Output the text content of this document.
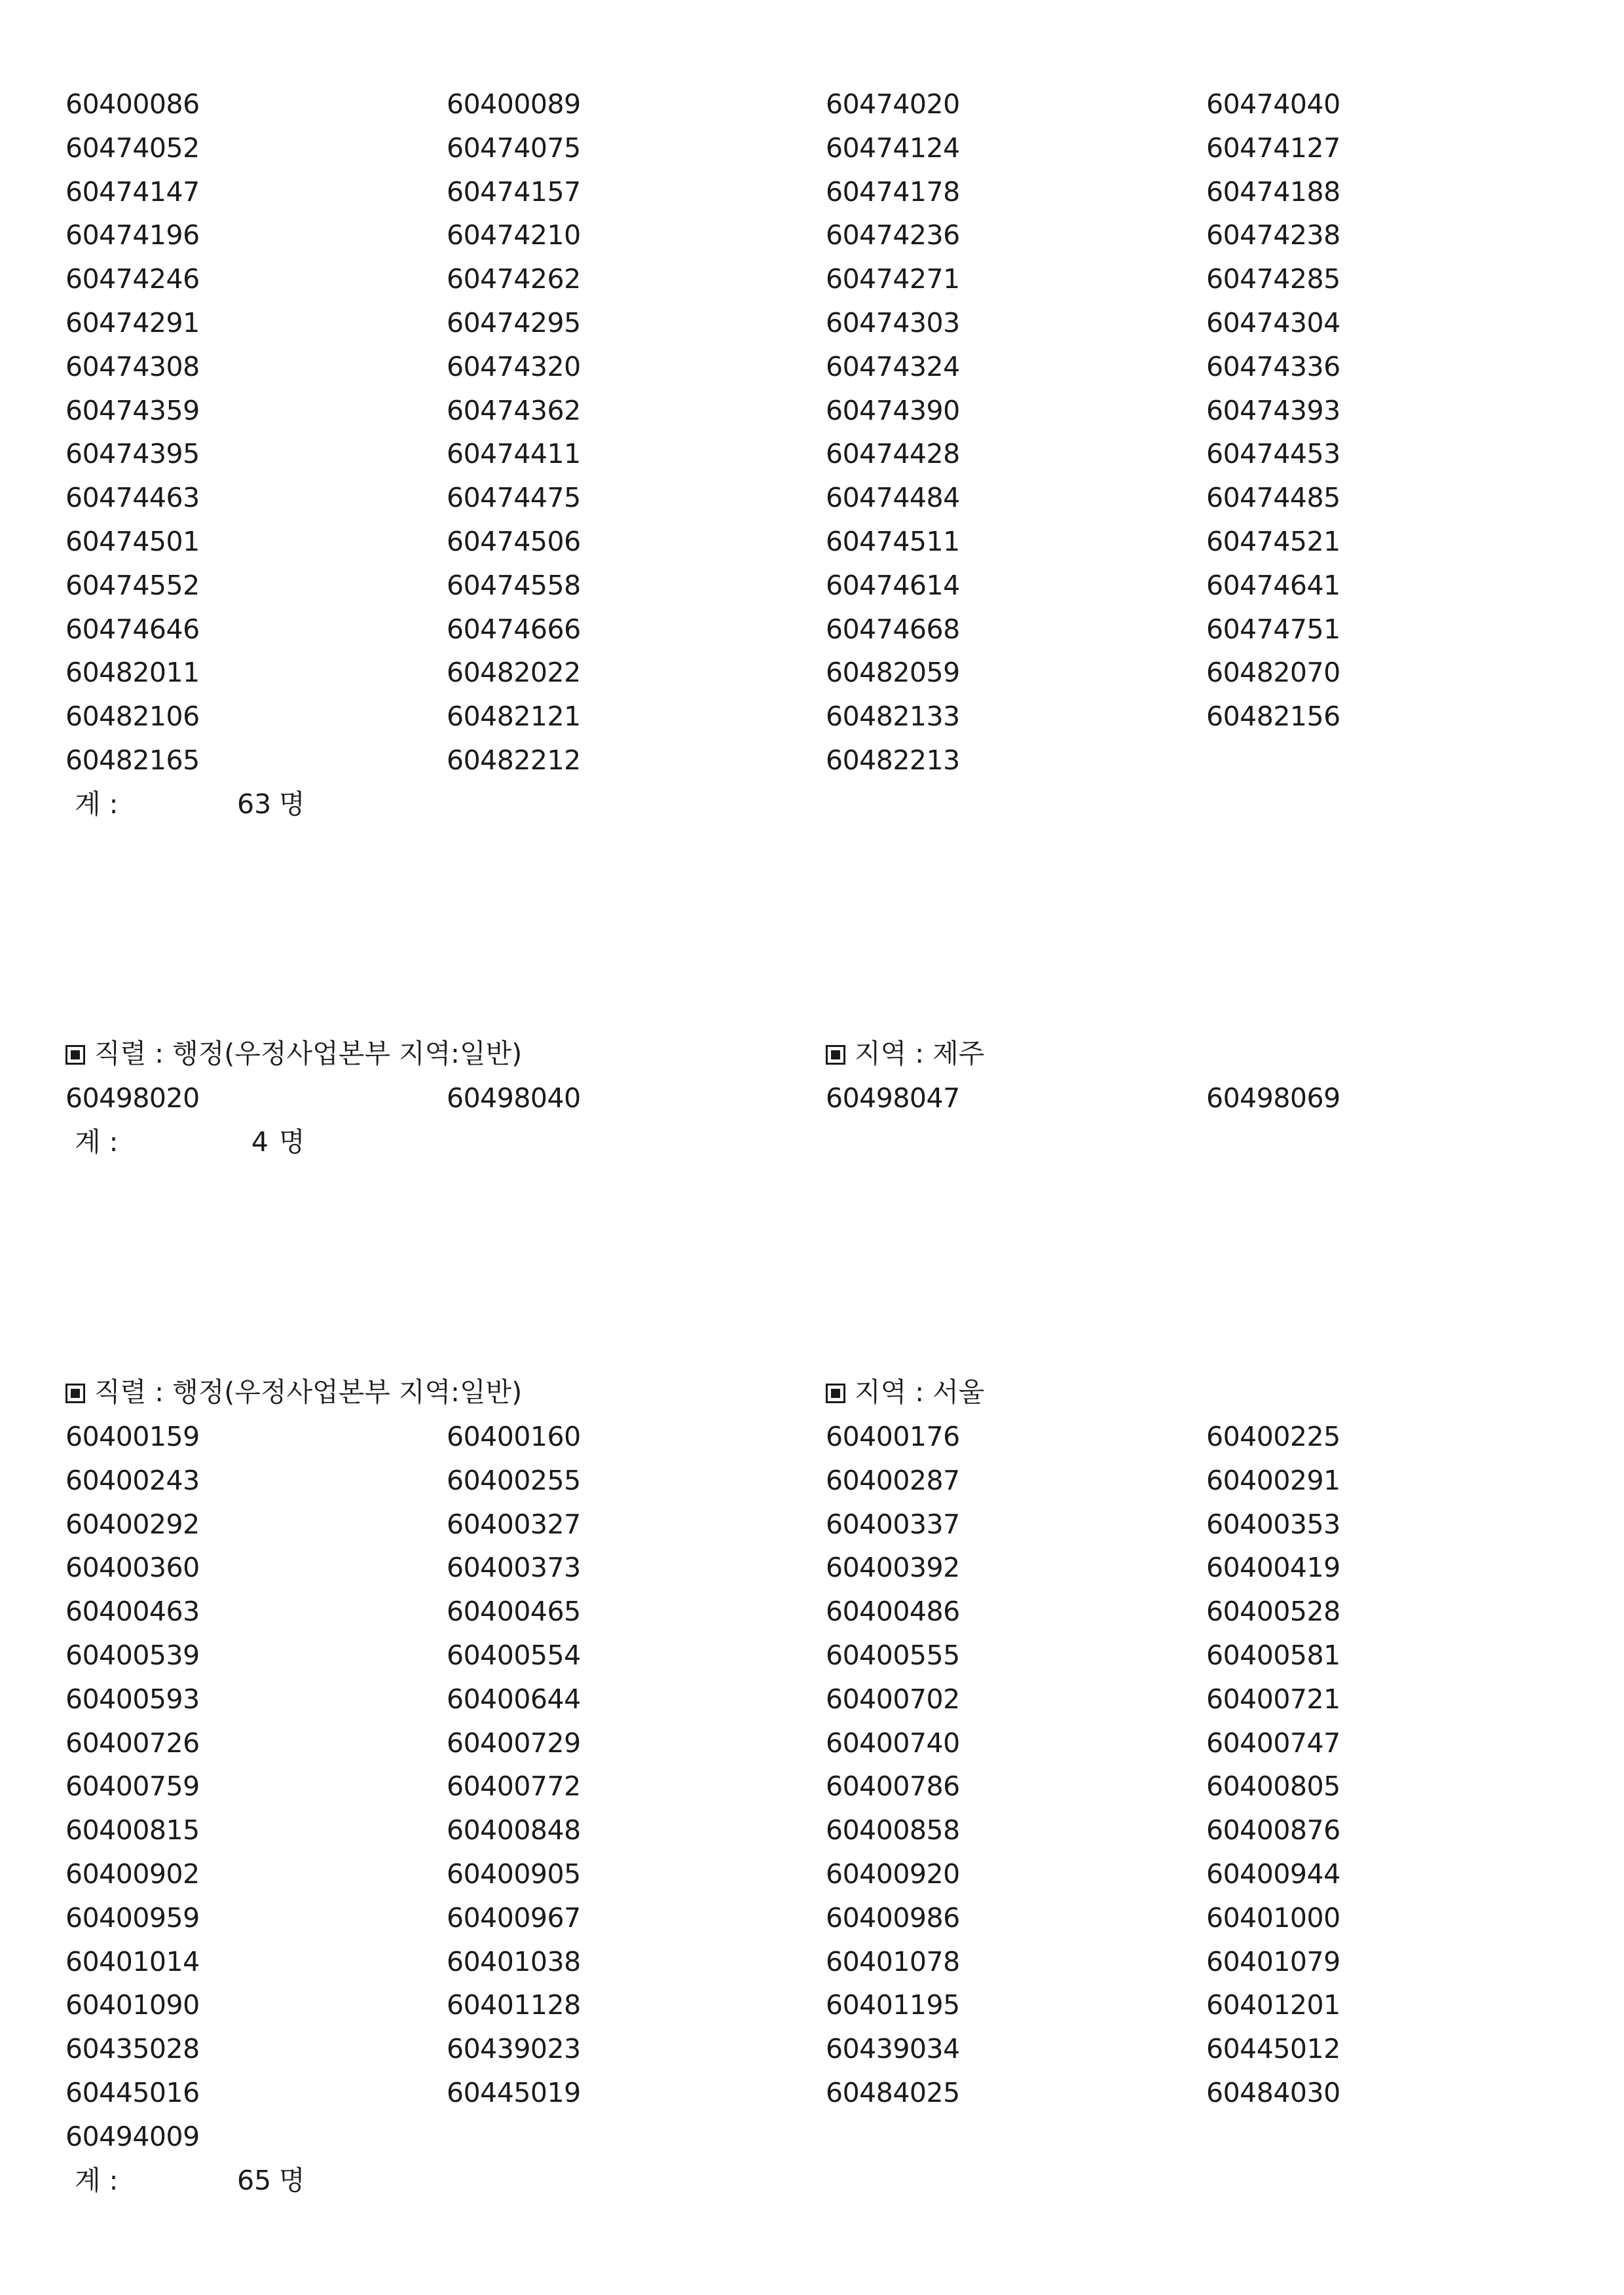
60400086	60400089	60474020	60474040
60474052	60474075	60474124	60474127
60474147	60474157	60474178	60474188
60474196	60474210	60474236	60474238
60474246	60474262	60474271	60474285
60474291	60474295	60474303	60474304
60474308	60474320	60474324	60474336
60474359	60474362	60474390	60474393
60474395	60474411	60474428	60474453
60474463	60474475	60474484	60474485
60474501	60474506	60474511	60474521
60474552	60474558	60474614	60474641
60474646	60474666	60474668	60474751
60482011	60482022	60482059	60482070
60482106	60482121	60482133	60482156
60482165	60482212	60482213
계 :	63 명
직렬 : 행정(우정사업본부 지역:일반)	지역 : 제주
60498020	60498040	60498047	60498069
계 :	4 명
직렬 : 행정(우정사업본부 지역:일반)	지역 : 서울
60400159	60400160	60400176	60400225
60400243	60400255	60400287	60400291
60400292	60400327	60400337	60400353
60400360	60400373	60400392	60400419
60400463	60400465	60400486	60400528
60400539	60400554	60400555	60400581
60400593	60400644	60400702	60400721
60400726	60400729	60400740	60400747
60400759	60400772	60400786	60400805
60400815	60400848	60400858	60400876
60400902	60400905	60400920	60400944
60400959	60400967	60400986	60401000
60401014	60401038	60401078	60401079
60401090	60401128	60401195	60401201
60435028	60439023	60439034	60445012
60445016	60445019	60484025	60484030
60494009
계 :	65 명
